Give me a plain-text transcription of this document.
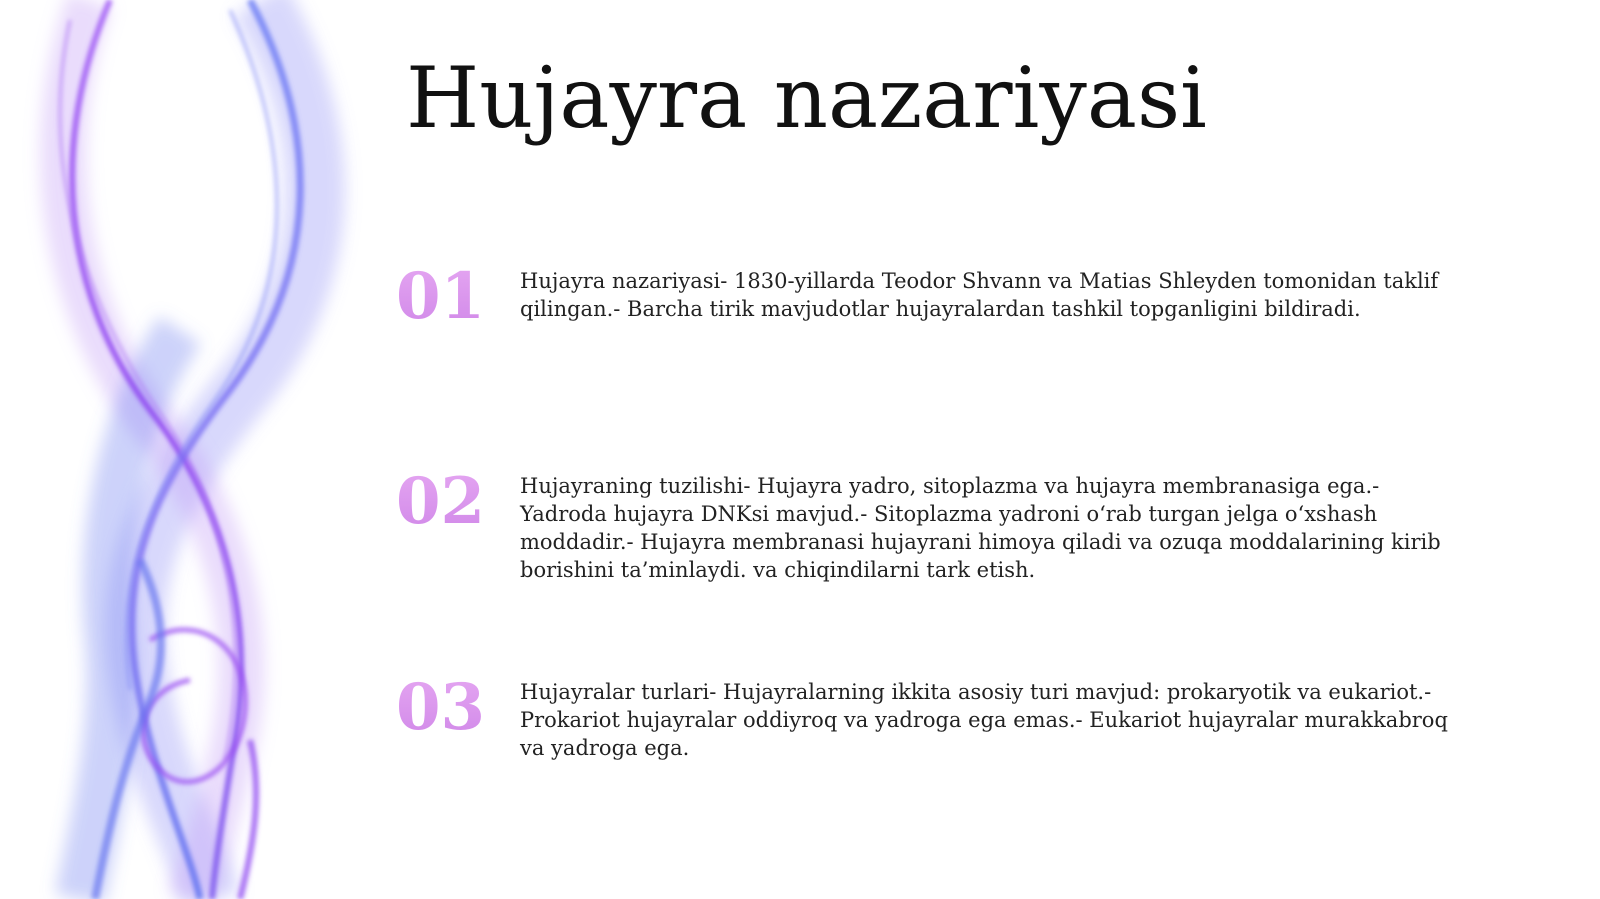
Hujayra nazariyasi
01	Hujayra nazariyasi- 1830-yillarda Teodor Shvann va Matias Shleyden tomonidan taklif qilingan.- Barcha tirik mavjudotlar hujayralardan tashkil topganligini bildiradi.

02	Hujayraning tuzilishi- Hujayra yadro, sitoplazma va hujayra membranasiga ega.- Yadroda hujayra DNKsi mavjud.- Sitoplazma yadroni o‘rab turgan jelga o‘xshash moddadir.- Hujayra membranasi hujayrani himoya qiladi va ozuqa moddalarining kirib borishini ta’minlaydi. va chiqindilarni tark etish.

03	Hujayralar turlari- Hujayralarning ikkita asosiy turi mavjud: prokaryotik va eukariot.- Prokariot hujayralar oddiyroq va yadroga ega emas.- Eukariot hujayralar murakkabroq va yadroga ega.
